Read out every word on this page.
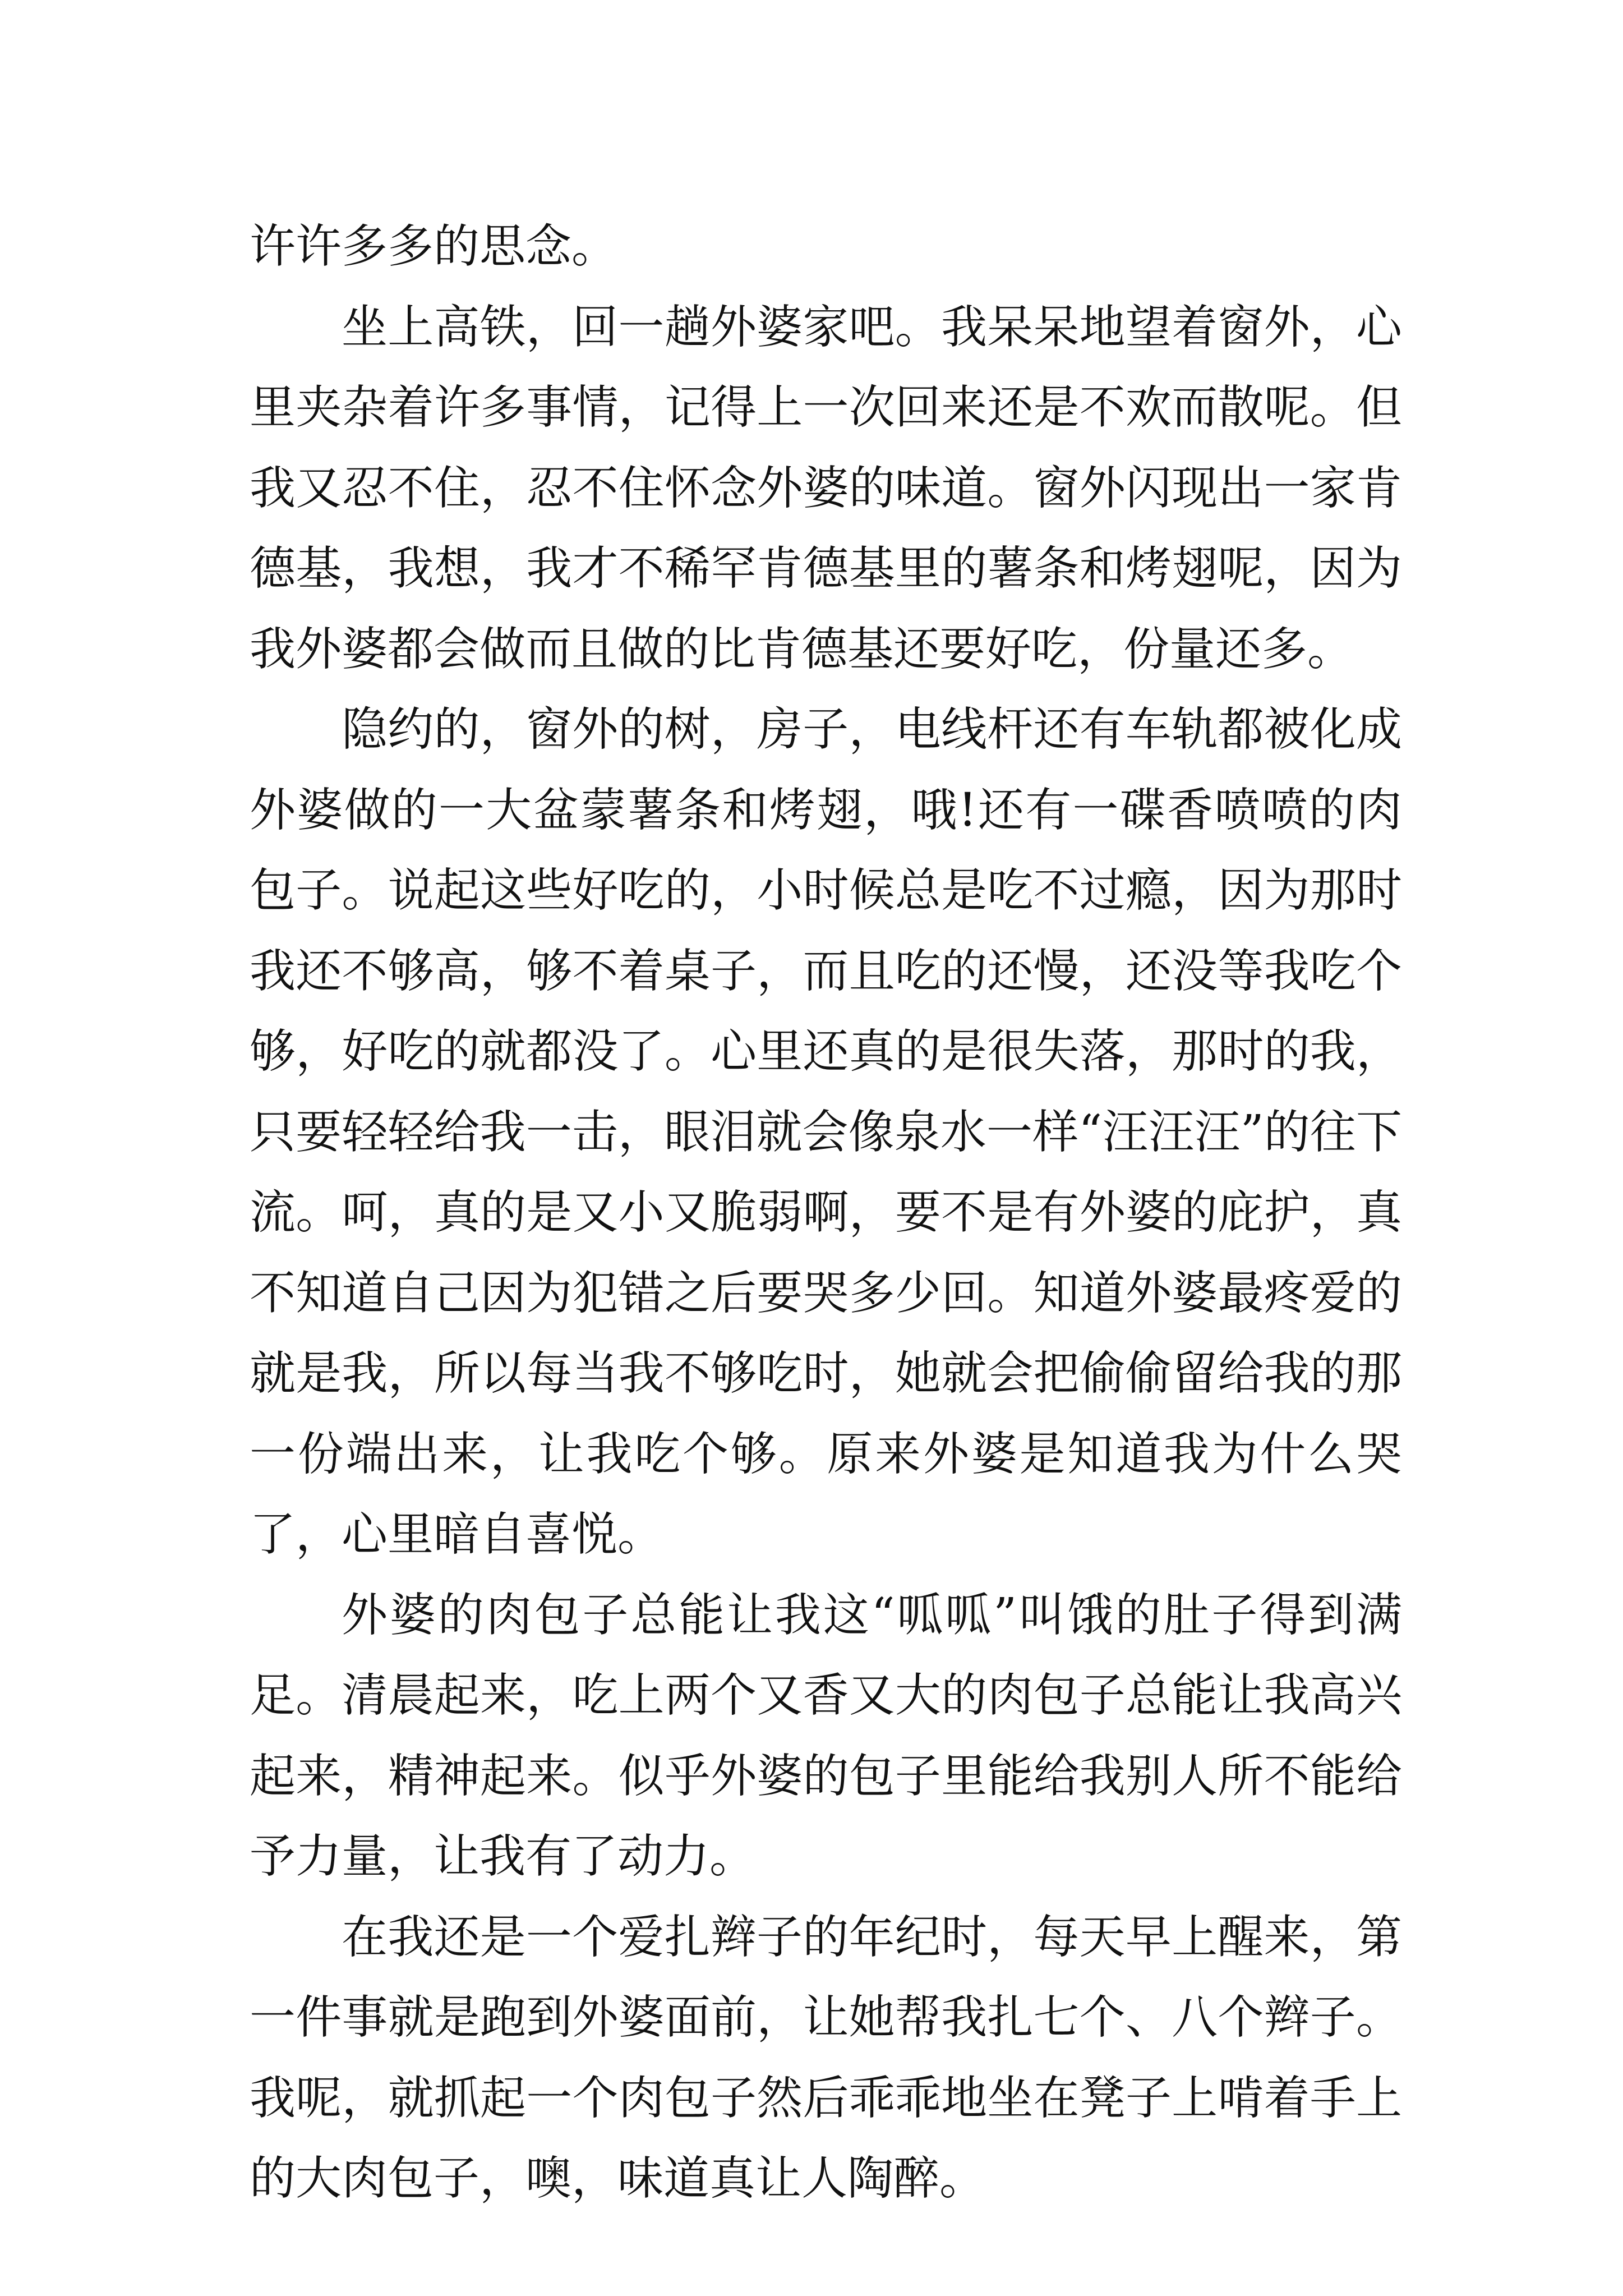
许许多多的思念。

坐上高铁，回一趟外婆家吧。我呆呆地望着窗外，心里夹杂着许多事情，记得上一次回来还是不欢而散呢。但我又忍不住，忍不住怀念外婆的味道。窗外闪现出一家肯德基，我想，我才不稀罕肯德基里的薯条和烤翅呢，因为我外婆都会做而且做的比肯德基还要好吃，份量还多。

隐约的，窗外的树，房子，电线杆还有车轨都被化成外婆做的一大盆蒙薯条和烤翅，哦!还有一碟香喷喷的肉包子。说起这些好吃的，小时候总是吃不过瘾，因为那时我还不够高，够不着桌子，而且吃的还慢，还没等我吃个够，好吃的就都没了。心里还真的是很失落，那时的我，只要轻轻给我一击，眼泪就会像泉水一样“汪汪汪”的往下流。呵，真的是又小又脆弱啊，要不是有外婆的庇护，真不知道自己因为犯错之后要哭多少回。知道外婆最疼爱的就是我，所以每当我不够吃时，她就会把偷偷留给我的那一份端出来，让我吃个够。原来外婆是知道我为什么哭了，心里暗自喜悦。

外婆的肉包子总能让我这“呱呱”叫饿的肚子得到满足。清晨起来，吃上两个又香又大的肉包子总能让我高兴起来，精神起来。似乎外婆的包子里能给我别人所不能给予力量，让我有了动力。

在我还是一个爱扎辫子的年纪时，每天早上醒来，第一件事就是跑到外婆面前，让她帮我扎七个、八个辫子。我呢，就抓起一个肉包子然后乖乖地坐在凳子上啃着手上的大肉包子，噢，味道真让人陶醉。
